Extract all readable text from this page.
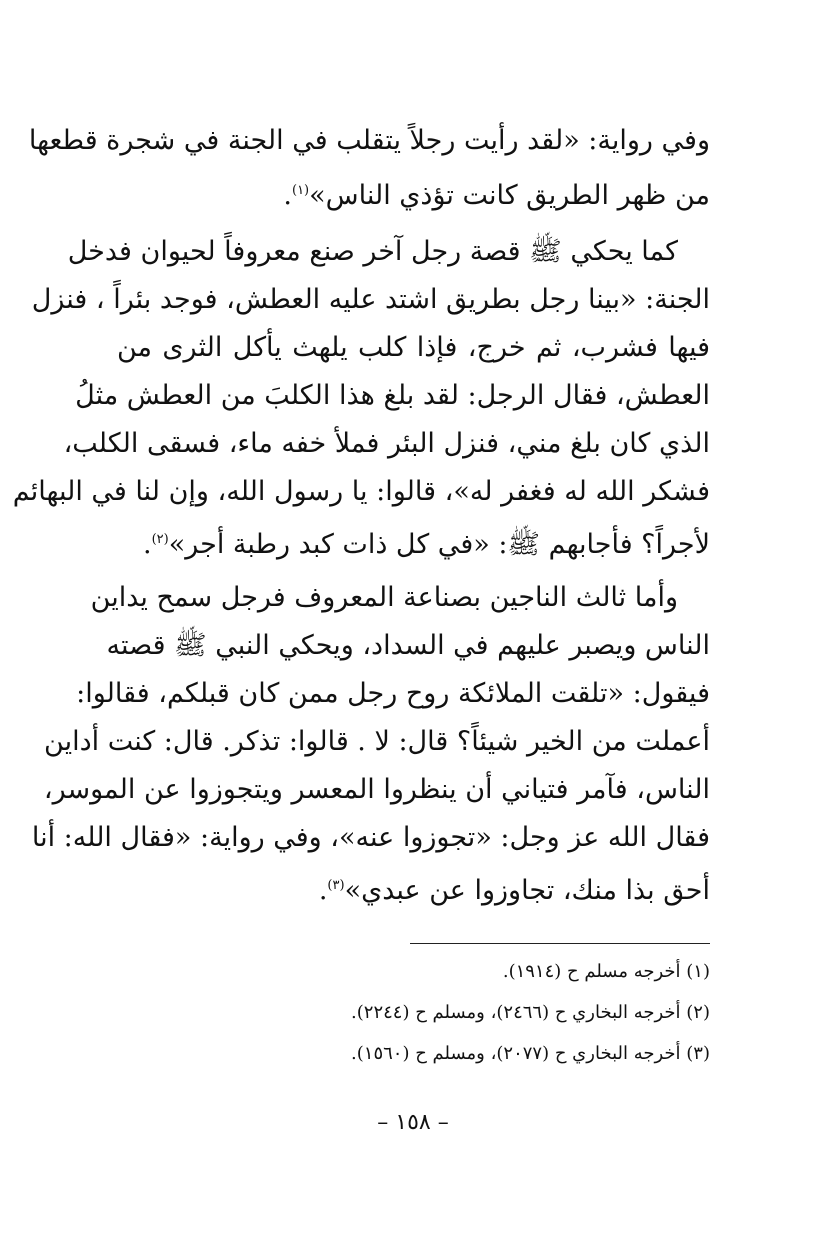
وفي رواية: «لقد رأيت رجلاً يتقلب في الجنة في شجرة قطعها
من ظهر الطريق كانت تؤذي الناس»$^{(١)}$.
كما يحكي ﷺ قصة رجل آخر صنع معروفاً لحيوان فدخل
الجنة: «بينا رجل بطريق اشتد عليه العطش، فوجد بئراً ، فنزل
فيها فشرب، ثم خرج، فإذا كلب يلهث يأكل الثرى من
العطش، فقال الرجل: لقد بلغ هذا الكلبَ من العطش مثلُ
الذي كان بلغ مني، فنزل البئر فملأ خفه ماء، فسقى الكلب،
فشكر الله له فغفر له»، قالوا: يا رسول الله، وإن لنا في البهائم
لأجراً؟ فأجابهم ﷺ: «في كل ذات كبد رطبة أجر»$^{(٢)}$.
وأما ثالث الناجين بصناعة المعروف فرجل سمح يداين
الناس ويصبر عليهم في السداد، ويحكي النبي ﷺ قصته
فيقول: «تلقت الملائكة روح رجل ممن كان قبلكم، فقالوا:
أعملت من الخير شيئاً؟ قال: لا . قالوا: تذكر. قال: كنت أداين
الناس، فآمر فتياني أن ينظروا المعسر ويتجوزوا عن الموسر،
فقال الله عز وجل: «تجوزوا عنه»، وفي رواية: «فقال الله: أنا
أحق بذا منك، تجاوزوا عن عبدي»$^{(٣)}$.
(١) أخرجه مسلم ح (١٩١٤).
(٢) أخرجه البخاري ح (٢٤٦٦)، ومسلم ح (٢٢٤٤).
(٣) أخرجه البخاري ح (٢٠٧٧)، ومسلم ح (١٥٦٠).
– ١٥٨ –
